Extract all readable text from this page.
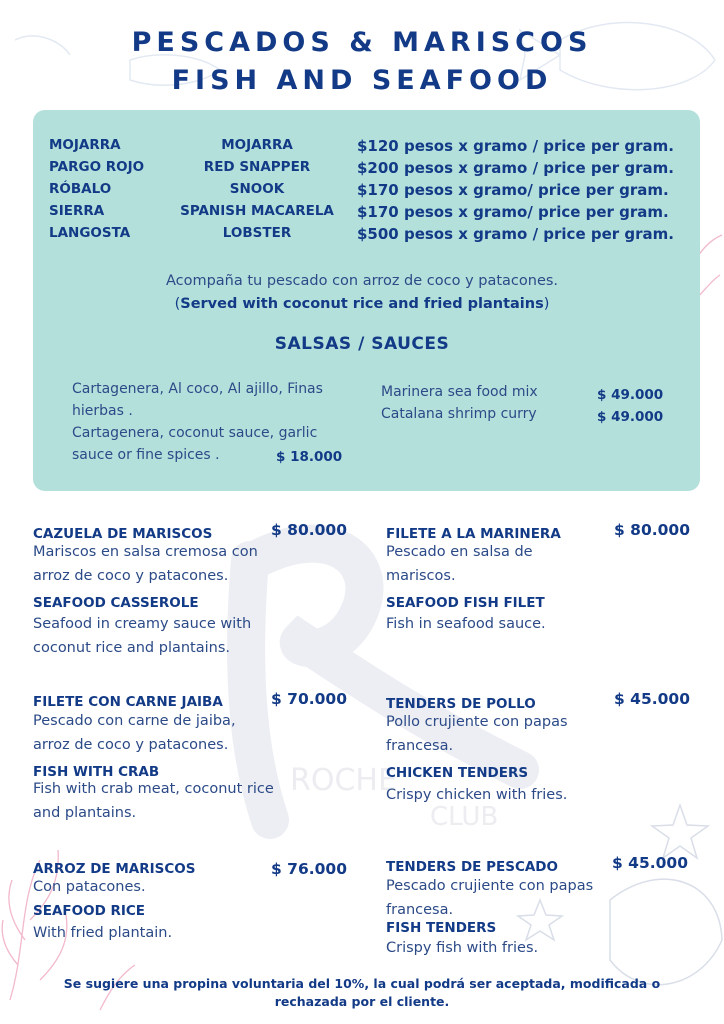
ROCHE
CLUB
PESCADOS & MARISCOS
FISH AND SEAFOOD
MOJARRA	MOJARRA	$120 pesos x gramo / price per gram.
PARGO ROJO	RED SNAPPER	$200 pesos x gramo / price per gram.
RÓBALO	SNOOK	$170 pesos x gramo/ price per gram.
SIERRA	SPANISH MACARELA $170 pesos x gramo/ price per gram.
LANGOSTA	LOBSTER	$500 pesos x gramo / price per gram.
Acompaña tu pescado con arroz de coco y patacones.
(Served with coconut rice and fried plantains)
SALSAS / SAUCES
Cartagenera, Al coco, Al ajillo, Finas
hierbas .
Cartagenera, coconut sauce, garlic
sauce or fine spices .	$ 18.000
Marinera sea food mix	$ 49.000
Catalana shrimp curry	$ 49.000
CAZUELA DE MARISCOS	$ 80.000
Mariscos en salsa cremosa con
arroz de coco y patacones.
SEAFOOD CASSEROLE
Seafood in creamy sauce with
coconut rice and plantains.
FILETE A LA MARINERA	$ 80.000
Pescado en salsa de
mariscos.
SEAFOOD FISH FILET
Fish in seafood sauce.
FILETE CON CARNE JAIBA	$ 70.000
Pescado con carne de jaiba,
arroz de coco y patacones.
FISH WITH CRAB
Fish with crab meat, coconut rice
and plantains.
TENDERS DE POLLO	$ 45.000
Pollo crujiente con papas
francesa.
CHICKEN TENDERS
Crispy chicken with fries.
ARROZ DE MARISCOS	$ 76.000
Con patacones.
SEAFOOD RICE
With fried plantain.
TENDERS DE PESCADO	$ 45.000
Pescado crujiente con papas
francesa.
FISH TENDERS
Crispy fish with fries.
Se sugiere una propina voluntaria del 10%, la cual podrá ser aceptada, modificada o
rechazada por el cliente.
